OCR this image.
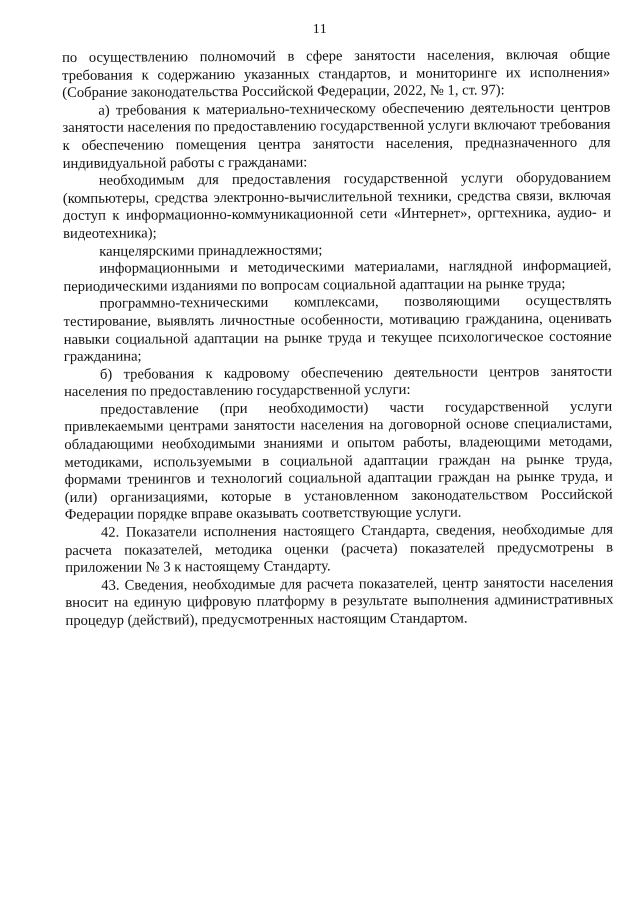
11

по осуществлению полномочий в сфере занятости населения, включая общие требования к содержанию указанных стандартов, и мониторинге их исполнения» (Собрание законодательства Российской Федерации, 2022, № 1, ст. 97):

а) требования к материально-техническому обеспечению деятельности центров занятости населения по предоставлению государственной услуги включают требования к обеспечению помещения центра занятости населения, предназначенного для индивидуальной работы с гражданами:

необходимым для предоставления государственной услуги оборудованием (компьютеры, средства электронно-вычислительной техники, средства связи, включая доступ к информационно-коммуникационной сети «Интернет», оргтехника, аудио- и видеотехника);

канцелярскими принадлежностями;

информационными и методическими материалами, наглядной информацией, периодическими изданиями по вопросам социальной адаптации на рынке труда;

программно-техническими комплексами, позволяющими осуществлять тестирование, выявлять личностные особенности, мотивацию гражданина, оценивать навыки социальной адаптации на рынке труда и текущее психологическое состояние гражданина;

б) требования к кадровому обеспечению деятельности центров занятости населения по предоставлению государственной услуги:

предоставление (при необходимости) части государственной услуги привлекаемыми центрами занятости населения на договорной основе специалистами, обладающими необходимыми знаниями и опытом работы, владеющими методами, методиками, используемыми в социальной адаптации граждан на рынке труда, формами тренингов и технологий социальной адаптации граждан на рынке труда, и (или) организациями, которые в установленном законодательством Российской Федерации порядке вправе оказывать соответствующие услуги.

42. Показатели исполнения настоящего Стандарта, сведения, необходимые для расчета показателей, методика оценки (расчета) показателей предусмотрены в приложении № 3 к настоящему Стандарту.

43. Сведения, необходимые для расчета показателей, центр занятости населения вносит на единую цифровую платформу в результате выполнения административных процедур (действий), предусмотренных настоящим Стандартом.
